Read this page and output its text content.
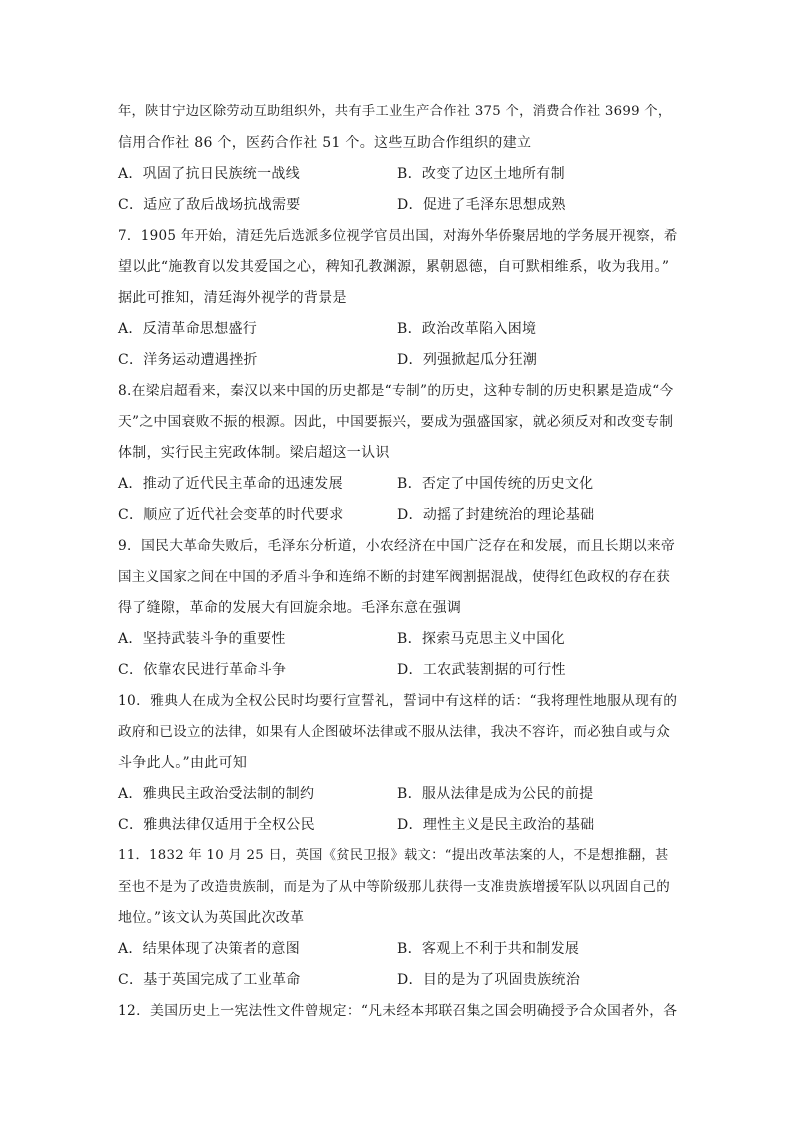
年，陕甘宁边区除劳动互助组织外，共有手工业生产合作社 375 个，消费合作社 3699 个，
信用合作社 86 个，医药合作社 51 个。这些互助合作组织的建立
A．巩固了抗日民族统一战线	B．改变了边区土地所有制
C．适应了敌后战场抗战需要	D．促进了毛泽东思想成熟
7．1905 年开始，清廷先后选派多位视学官员出国，对海外华侨聚居地的学务展开视察，希
望以此“施教育以发其爱国之心，稗知孔教渊源，累朝恩德，自可默相维系，收为我用。”
据此可推知，清廷海外视学的背景是
A．反清革命思想盛行	B．政治改革陷入困境
C．洋务运动遭遇挫折	D．列强掀起瓜分狂潮
8.在梁启超看来，秦汉以来中国的历史都是“专制”的历史，这种专制的历史积累是造成“今
天”之中国衰败不振的根源。因此，中国要振兴，要成为强盛国家，就必须反对和改变专制
体制，实行民主宪政体制。梁启超这一认识
A．推动了近代民主革命的迅速发展	B．否定了中国传统的历史文化
C．顺应了近代社会变革的时代要求	D．动摇了封建统治的理论基础
9．国民大革命失败后，毛泽东分析道，小农经济在中国广泛存在和发展，而且长期以来帝
国主义国家之间在中国的矛盾斗争和连绵不断的封建军阀割据混战，使得红色政权的存在获
得了缝隙，革命的发展大有回旋余地。毛泽东意在强调
A．坚持武装斗争的重要性	B．探索马克思主义中国化
C．依靠农民进行革命斗争	D．工农武装割据的可行性
10．雅典人在成为全权公民时均要行宣誓礼，誓词中有这样的话：“我将理性地服从现有的
政府和已设立的法律，如果有人企图破坏法律或不服从法律，我决不容许，而必独自或与众
斗争此人。”由此可知
A．雅典民主政治受法制的制约	B．服从法律是成为公民的前提
C．雅典法律仅适用于全权公民	D．理性主义是民主政治的基础
11．1832 年 10 月 25 日，英国《贫民卫报》载文：“提出改革法案的人，不是想推翻，甚
至也不是为了改造贵族制，而是为了从中等阶级那儿获得一支准贵族增援军队以巩固自己的
地位。”该文认为英国此次改革
A．结果体现了决策者的意图	B．客观上不利于共和制发展
C．基于英国完成了工业革命	D．目的是为了巩固贵族统治
12．美国历史上一宪法性文件曾规定：“凡未经本邦联召集之国会明确授予合众国者外，各
